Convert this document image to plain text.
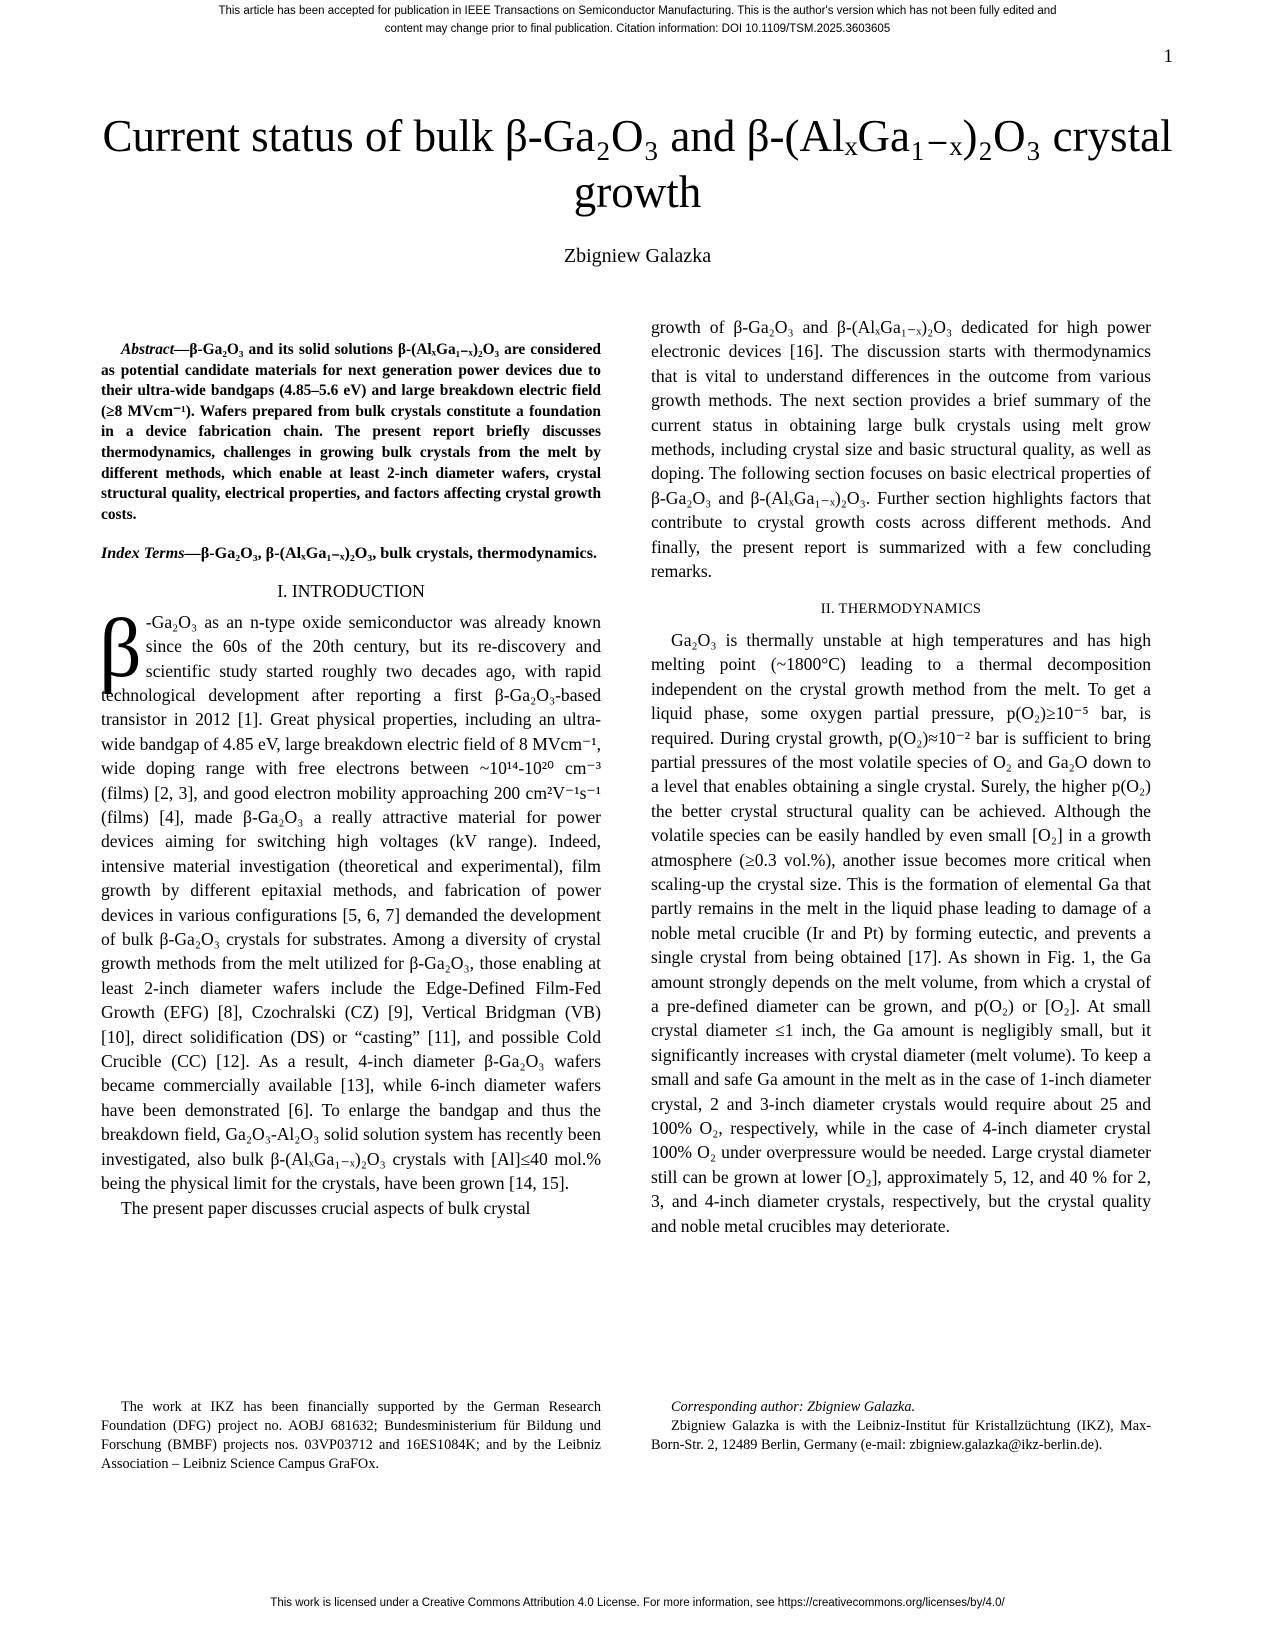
This article has been accepted for publication in IEEE Transactions on Semiconductor Manufacturing. This is the author's version which has not been fully edited and
content may change prior to final publication. Citation information: DOI 10.1109/TSM.2025.3603605
1
Current status of bulk β-Ga₂O₃ and β-(AlₓGa₁₋ₓ)₂O₃ crystal growth
Zbigniew Galazka

Abstract—β-Ga₂O₃ and its solid solutions β-(AlₓGa₁₋ₓ)₂O₃ are considered as potential candidate materials for next generation power devices due to their ultra-wide bandgaps (4.85–5.6 eV) and large breakdown electric field (≥8 MVcm⁻¹). Wafers prepared from bulk crystals constitute a foundation in a device fabrication chain. The present report briefly discusses thermodynamics, challenges in growing bulk crystals from the melt by different methods, which enable at least 2-inch diameter wafers, crystal structural quality, electrical properties, and factors affecting crystal growth costs.

Index Terms—β-Ga₂O₃, β-(AlₓGa₁₋ₓ)₂O₃, bulk crystals, thermodynamics.

I. INTRODUCTION

β -Ga₂O₃ as an n-type oxide semiconductor was already known since the 60s of the 20th century, but its re-discovery and scientific study started roughly two decades ago, with rapid technological development after reporting a first β-Ga₂O₃-based transistor in 2012 [1]. Great physical properties, including an ultra-wide bandgap of 4.85 eV, large breakdown electric field of 8 MVcm⁻¹, wide doping range with free electrons between ~10¹⁴-10²⁰ cm⁻³ (films) [2, 3], and good electron mobility approaching 200 cm²V⁻¹s⁻¹ (films) [4], made β-Ga₂O₃ a really attractive material for power devices aiming for switching high voltages (kV range). Indeed, intensive material investigation (theoretical and experimental), film growth by different epitaxial methods, and fabrication of power devices in various configurations [5, 6, 7] demanded the development of bulk β-Ga₂O₃ crystals for substrates. Among a diversity of crystal growth methods from the melt utilized for β-Ga₂O₃, those enabling at least 2-inch diameter wafers include the Edge-Defined Film-Fed Growth (EFG) [8], Czochralski (CZ) [9], Vertical Bridgman (VB) [10], direct solidification (DS) or “casting” [11], and possible Cold Crucible (CC) [12]. As a result, 4-inch diameter β-Ga₂O₃ wafers became commercially available [13], while 6-inch diameter wafers have been demonstrated [6]. To enlarge the bandgap and thus the breakdown field, Ga₂O₃-Al₂O₃ solid solution system has recently been investigated, also bulk β-(AlₓGa₁₋ₓ)₂O₃ crystals with [Al]≤40 mol.% being the physical limit for the crystals, have been grown [14, 15].

The present paper discusses crucial aspects of bulk crystal

growth of β-Ga₂O₃ and β-(AlₓGa₁₋ₓ)₂O₃ dedicated for high power electronic devices [16]. The discussion starts with thermodynamics that is vital to understand differences in the outcome from various growth methods. The next section provides a brief summary of the current status in obtaining large bulk crystals using melt grow methods, including crystal size and basic structural quality, as well as doping. The following section focuses on basic electrical properties of β-Ga₂O₃ and β-(AlₓGa₁₋ₓ)₂O₃. Further section highlights factors that contribute to crystal growth costs across different methods. And finally, the present report is summarized with a few concluding remarks.

II. THERMODYNAMICS

Ga₂O₃ is thermally unstable at high temperatures and has high melting point (~1800°C) leading to a thermal decomposition independent on the crystal growth method from the melt. To get a liquid phase, some oxygen partial pressure, p(O₂)≥10⁻⁵ bar, is required. During crystal growth, p(O₂)≈10⁻² bar is sufficient to bring partial pressures of the most volatile species of O₂ and Ga₂O down to a level that enables obtaining a single crystal. Surely, the higher p(O₂) the better crystal structural quality can be achieved. Although the volatile species can be easily handled by even small [O₂] in a growth atmosphere (≥0.3 vol.%), another issue becomes more critical when scaling-up the crystal size. This is the formation of elemental Ga that partly remains in the melt in the liquid phase leading to damage of a noble metal crucible (Ir and Pt) by forming eutectic, and prevents a single crystal from being obtained [17]. As shown in Fig. 1, the Ga amount strongly depends on the melt volume, from which a crystal of a pre-defined diameter can be grown, and p(O₂) or [O₂]. At small crystal diameter ≤1 inch, the Ga amount is negligibly small, but it significantly increases with crystal diameter (melt volume). To keep a small and safe Ga amount in the melt as in the case of 1-inch diameter crystal, 2 and 3-inch diameter crystals would require about 25 and 100% O₂, respectively, while in the case of 4-inch diameter crystal 100% O₂ under overpressure would be needed. Large crystal diameter still can be grown at lower [O₂], approximately 5, 12, and 40 % for 2, 3, and 4-inch diameter crystals, respectively, but the crystal quality and noble metal crucibles may deteriorate.

The work at IKZ has been financially supported by the German Research Foundation (DFG) project no. AOBJ 681632; Bundesministerium für Bildung und Forschung (BMBF) projects nos. 03VP03712 and 16ES1084K; and by the Leibniz Association – Leibniz Science Campus GraFOx.

Corresponding author: Zbigniew Galazka.

Zbigniew Galazka is with the Leibniz-Institut für Kristallzüchtung (IKZ), Max-Born-Str. 2, 12489 Berlin, Germany (e-mail: zbigniew.galazka@ikz-berlin.de).

This work is licensed under a Creative Commons Attribution 4.0 License. For more information, see https://creativecommons.org/licenses/by/4.0/
